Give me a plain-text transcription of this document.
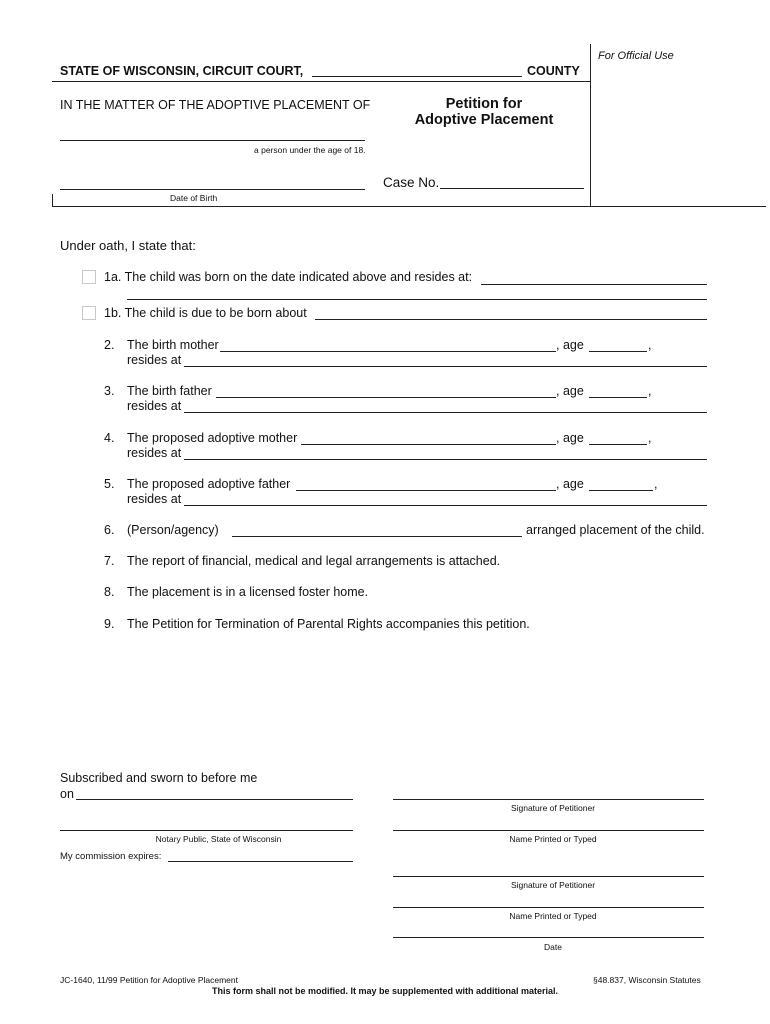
For Official Use
STATE OF WISCONSIN, CIRCUIT COURT,	COUNTY
IN THE MATTER OF THE ADOPTIVE PLACEMENT OF	Petition for
Adoptive Placement
a person under the age of 18.
Date of Birth
Case No.
Under oath, I state that:
1a. The child was born on the date indicated above and resides at:
1b. The child is due to be born about
2. The birth mother	, age	,
resides at
3. The birth father	, age	,
resides at
4. The proposed adoptive mother	, age	,
resides at
5. The proposed adoptive father	, age	,
resides at
6. (Person/agency)	arranged placement of the child.
7. The report of financial, medical and legal arrangements is attached.
8. The placement is in a licensed foster home.
9. The Petition for Termination of Parental Rights accompanies this petition.
Subscribed and sworn to before me
on
Notary Public, State of Wisconsin
My commission expires:
Signature of Petitioner
Name Printed or Typed
Signature of Petitioner
Name Printed or Typed
Date
JC-1640, 11/99 Petition for Adoptive Placement	§48.837, Wisconsin Statutes
This form shall not be modified. It may be supplemented with additional material.
